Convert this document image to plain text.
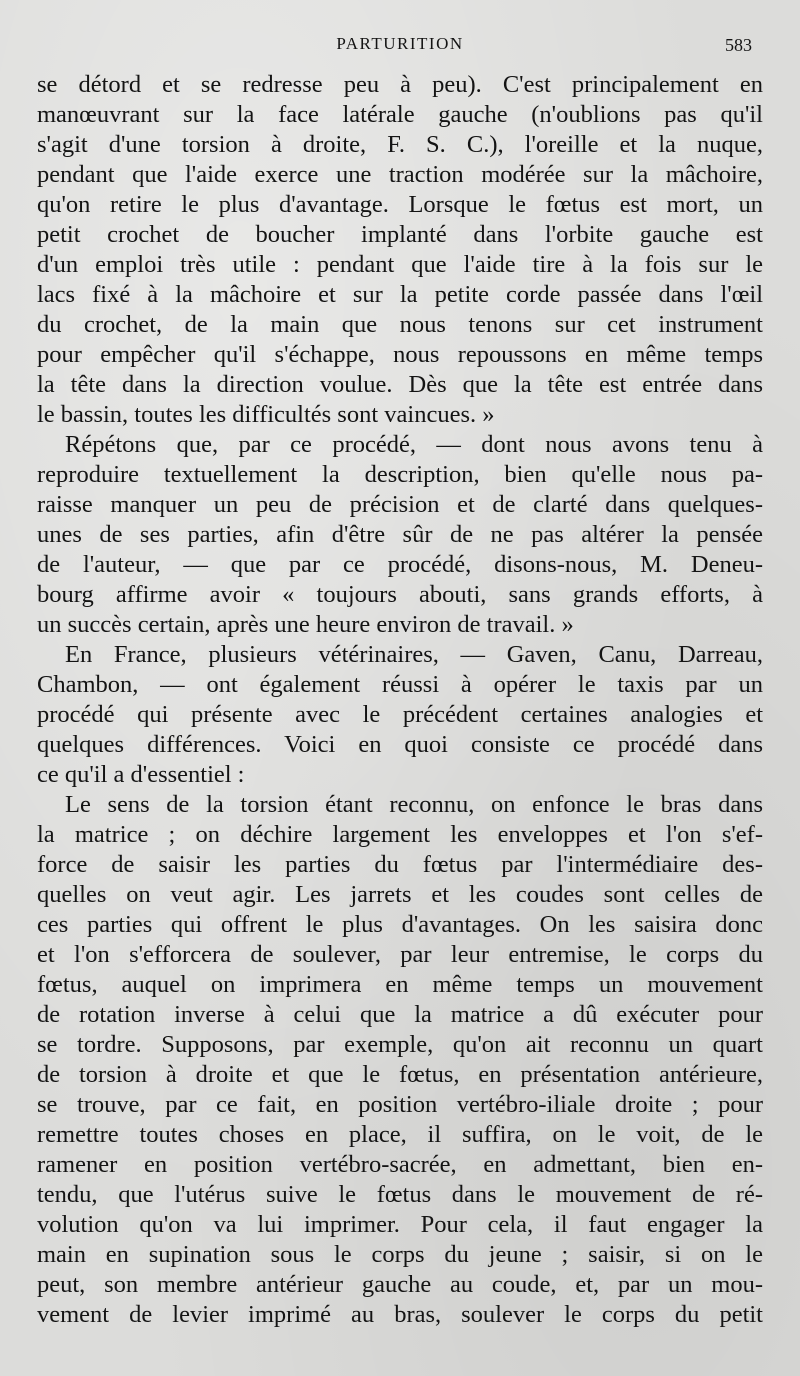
PARTURITION	583
se détord et se redresse peu à peu). C'est principalement en
manœuvrant sur la face latérale gauche (n'oublions pas qu'il
s'agit d'une torsion à droite, F. S. C.), l'oreille et la nuque,
pendant que l'aide exerce une traction modérée sur la mâchoire,
qu'on retire le plus d'avantage. Lorsque le fœtus est mort, un
petit crochet de boucher implanté dans l'orbite gauche est
d'un emploi très utile : pendant que l'aide tire à la fois sur le
lacs fixé à la mâchoire et sur la petite corde passée dans l'œil
du crochet, de la main que nous tenons sur cet instrument
pour empêcher qu'il s'échappe, nous repoussons en même temps
la tête dans la direction voulue. Dès que la tête est entrée dans
le bassin, toutes les difficultés sont vaincues. »
Répétons que, par ce procédé, — dont nous avons tenu à
reproduire textuellement la description, bien qu'elle nous pa-
raisse manquer un peu de précision et de clarté dans quelques-
unes de ses parties, afin d'être sûr de ne pas altérer la pensée
de l'auteur, — que par ce procédé, disons-nous, M. Deneu-
bourg affirme avoir « toujours abouti, sans grands efforts, à
un succès certain, après une heure environ de travail. »
En France, plusieurs vétérinaires, — Gaven, Canu, Darreau,
Chambon, — ont également réussi à opérer le taxis par un
procédé qui présente avec le précédent certaines analogies et
quelques différences. Voici en quoi consiste ce procédé dans
ce qu'il a d'essentiel :
Le sens de la torsion étant reconnu, on enfonce le bras dans
la matrice ; on déchire largement les enveloppes et l'on s'ef-
force de saisir les parties du fœtus par l'intermédiaire des-
quelles on veut agir. Les jarrets et les coudes sont celles de
ces parties qui offrent le plus d'avantages. On les saisira donc
et l'on s'efforcera de soulever, par leur entremise, le corps du
fœtus, auquel on imprimera en même temps un mouvement
de rotation inverse à celui que la matrice a dû exécuter pour
se tordre. Supposons, par exemple, qu'on ait reconnu un quart
de torsion à droite et que le fœtus, en présentation antérieure,
se trouve, par ce fait, en position vertébro-iliale droite ; pour
remettre toutes choses en place, il suffira, on le voit, de le
ramener en position vertébro-sacrée, en admettant, bien en-
tendu, que l'utérus suive le fœtus dans le mouvement de ré-
volution qu'on va lui imprimer. Pour cela, il faut engager la
main en supination sous le corps du jeune ; saisir, si on le
peut, son membre antérieur gauche au coude, et, par un mou-
vement de levier imprimé au bras, soulever le corps du petit
